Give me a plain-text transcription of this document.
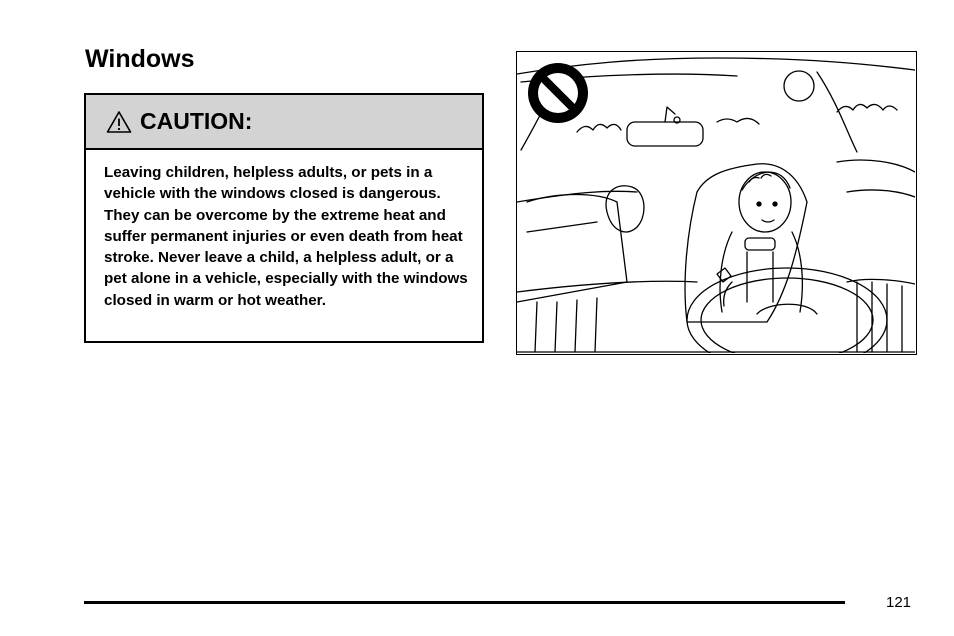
Windows
CAUTION:
Leaving children, helpless adults, or pets in a vehicle with the windows closed is dangerous. They can be overcome by the extreme heat and suffer permanent injuries or even death from heat stroke. Never leave a child, a helpless adult, or a pet alone in a vehicle, especially with the windows closed in warm or hot weather.
121
